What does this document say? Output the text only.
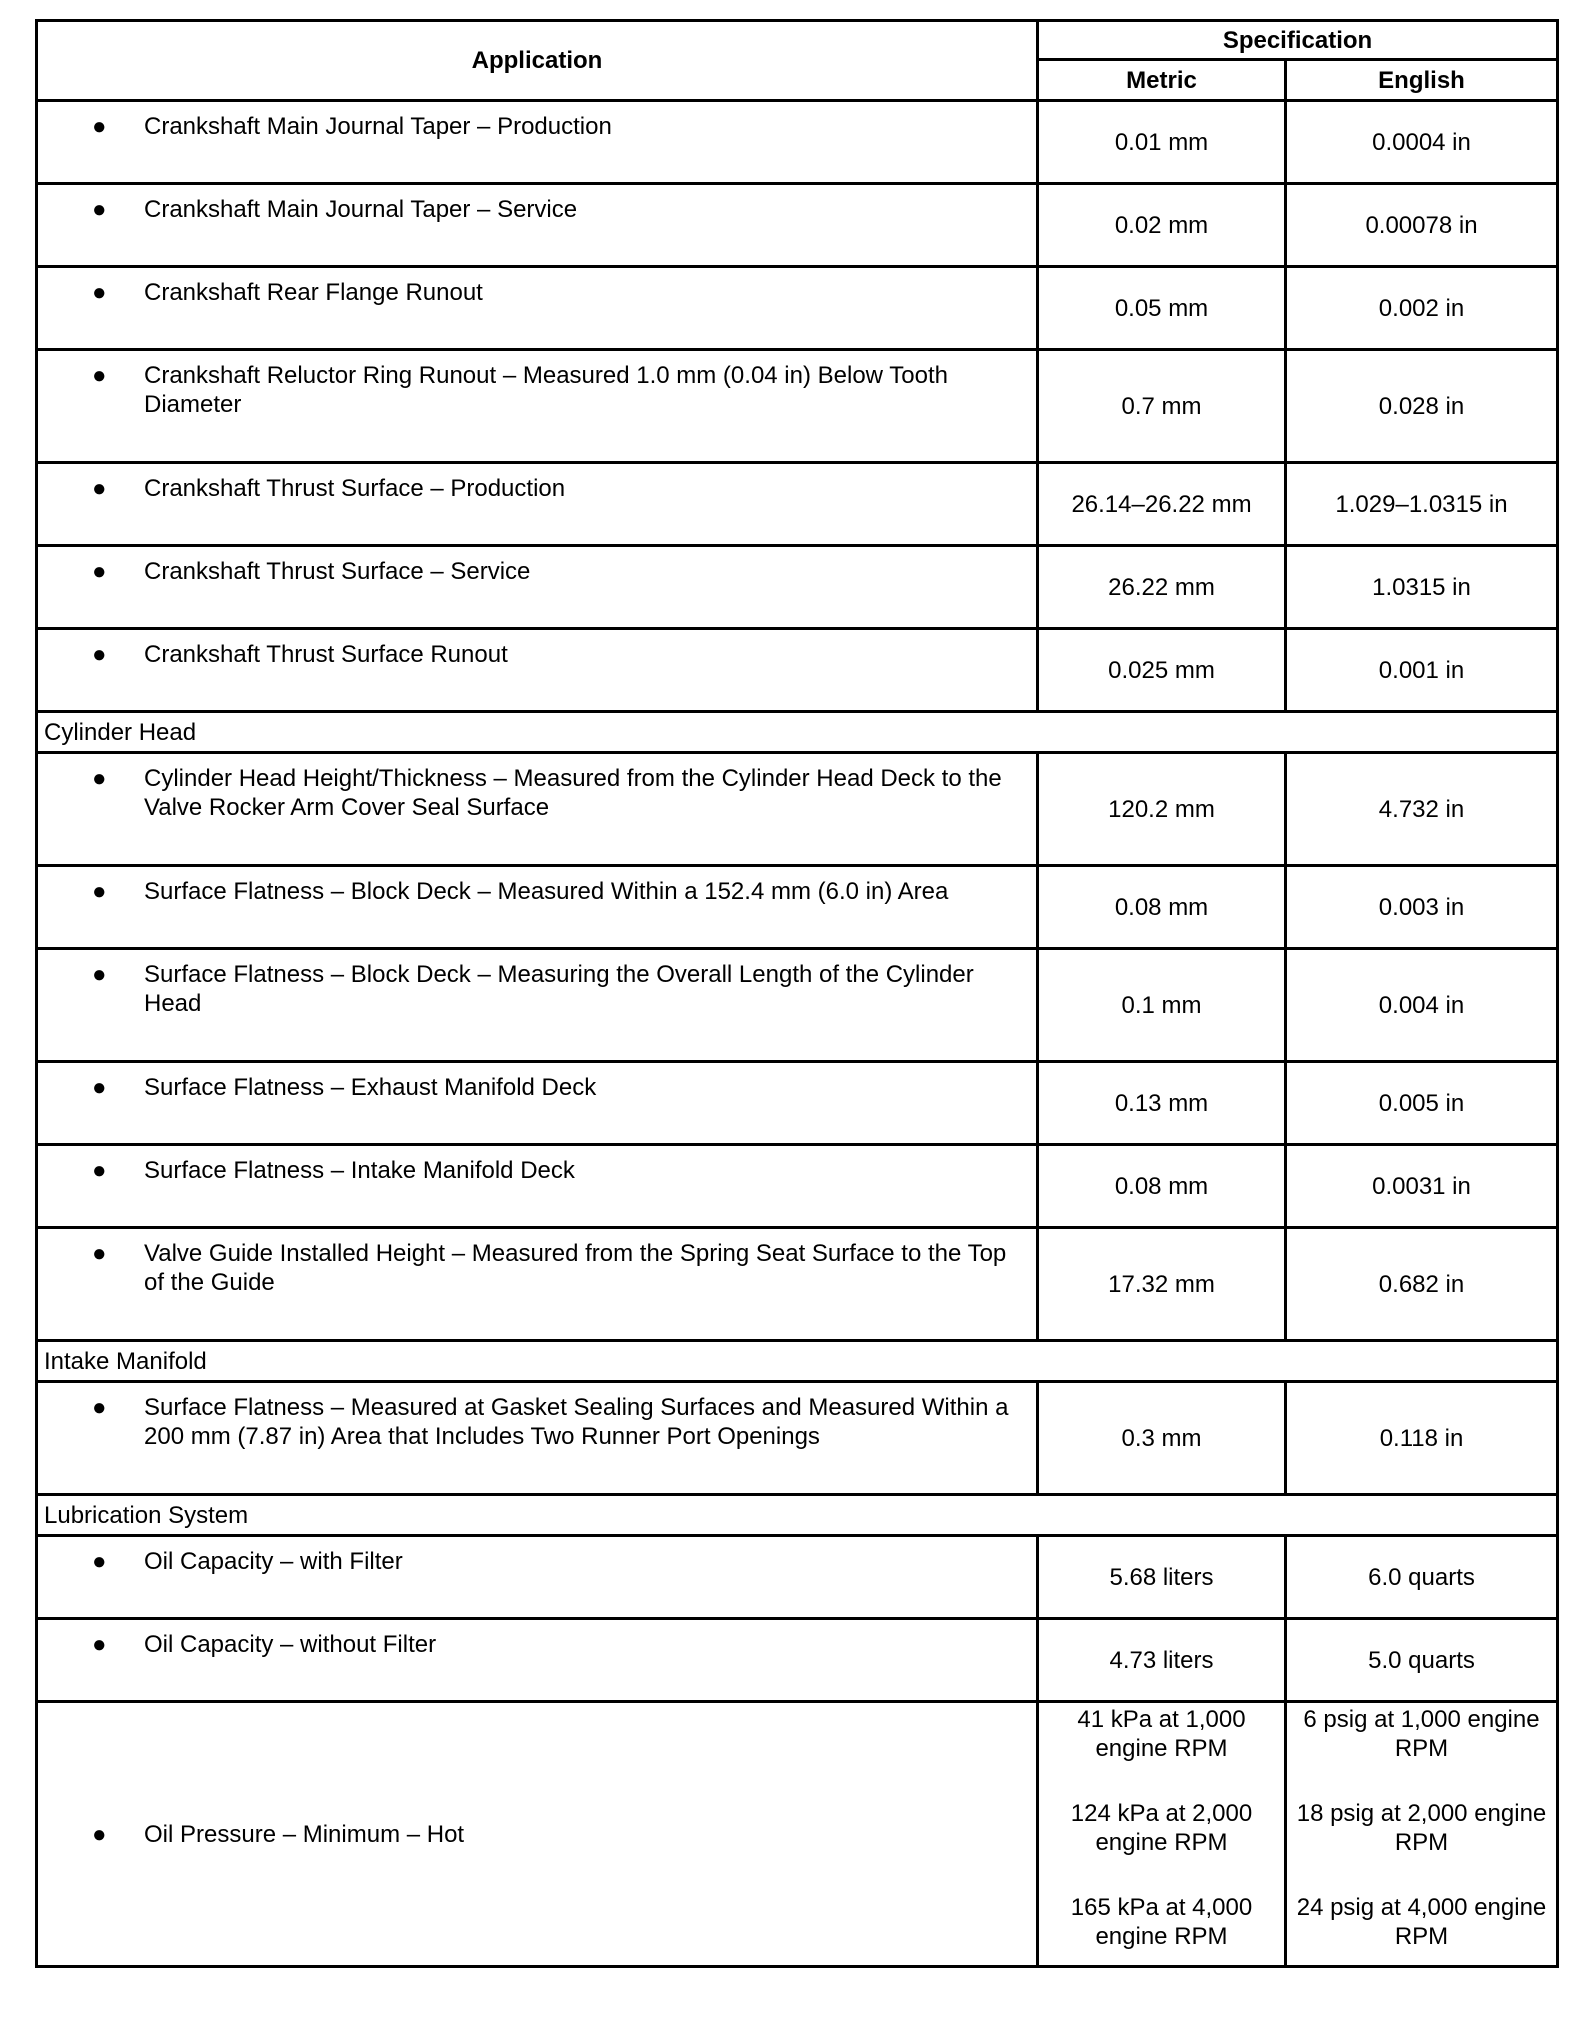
Application	Specification	
	Metric	English

● Crankshaft Main Journal Taper – Production	0.01 mm	0.0004 in

● Crankshaft Main Journal Taper – Service	0.02 mm	0.00078 in

● Crankshaft Rear Flange Runout	0.05 mm	0.002 in

● Crankshaft Reluctor Ring Runout – Measured 1.0 mm (0.04 in) Below Tooth Diameter	0.7 mm	0.028 in

● Crankshaft Thrust Surface – Production	26.14–26.22 mm	1.029–1.0315 in

● Crankshaft Thrust Surface – Service	26.22 mm	1.0315 in

● Crankshaft Thrust Surface Runout	0.025 mm	0.001 in
Cylinder Head		

● Cylinder Head Height/Thickness – Measured from the Cylinder Head Deck to the Valve Rocker Arm Cover Seal Surface	120.2 mm	4.732 in

● Surface Flatness – Block Deck – Measured Within a 152.4 mm (6.0 in) Area	0.08 mm	0.003 in

● Surface Flatness – Block Deck – Measuring the Overall Length of the Cylinder Head	0.1 mm	0.004 in

● Surface Flatness – Exhaust Manifold Deck	0.13 mm	0.005 in

● Surface Flatness – Intake Manifold Deck	0.08 mm	0.0031 in

● Valve Guide Installed Height – Measured from the Spring Seat Surface to the Top of the Guide	17.32 mm	0.682 in
Intake Manifold		

● Surface Flatness – Measured at Gasket Sealing Surfaces and Measured Within a 200 mm (7.87 in) Area that Includes Two Runner Port Openings	0.3 mm	0.118 in
Lubrication System		

● Oil Capacity – with Filter	5.68 liters	6.0 quarts

● Oil Capacity – without Filter	4.73 liters	5.0 quarts

● Oil Pressure – Minimum – Hot	41 kPa at 1,000 engine RPM
124 kPa at 2,000 engine RPM
165 kPa at 4,000 engine RPM	6 psig at 1,000 engine RPM
18 psig at 2,000 engine RPM
24 psig at 4,000 engine RPM
